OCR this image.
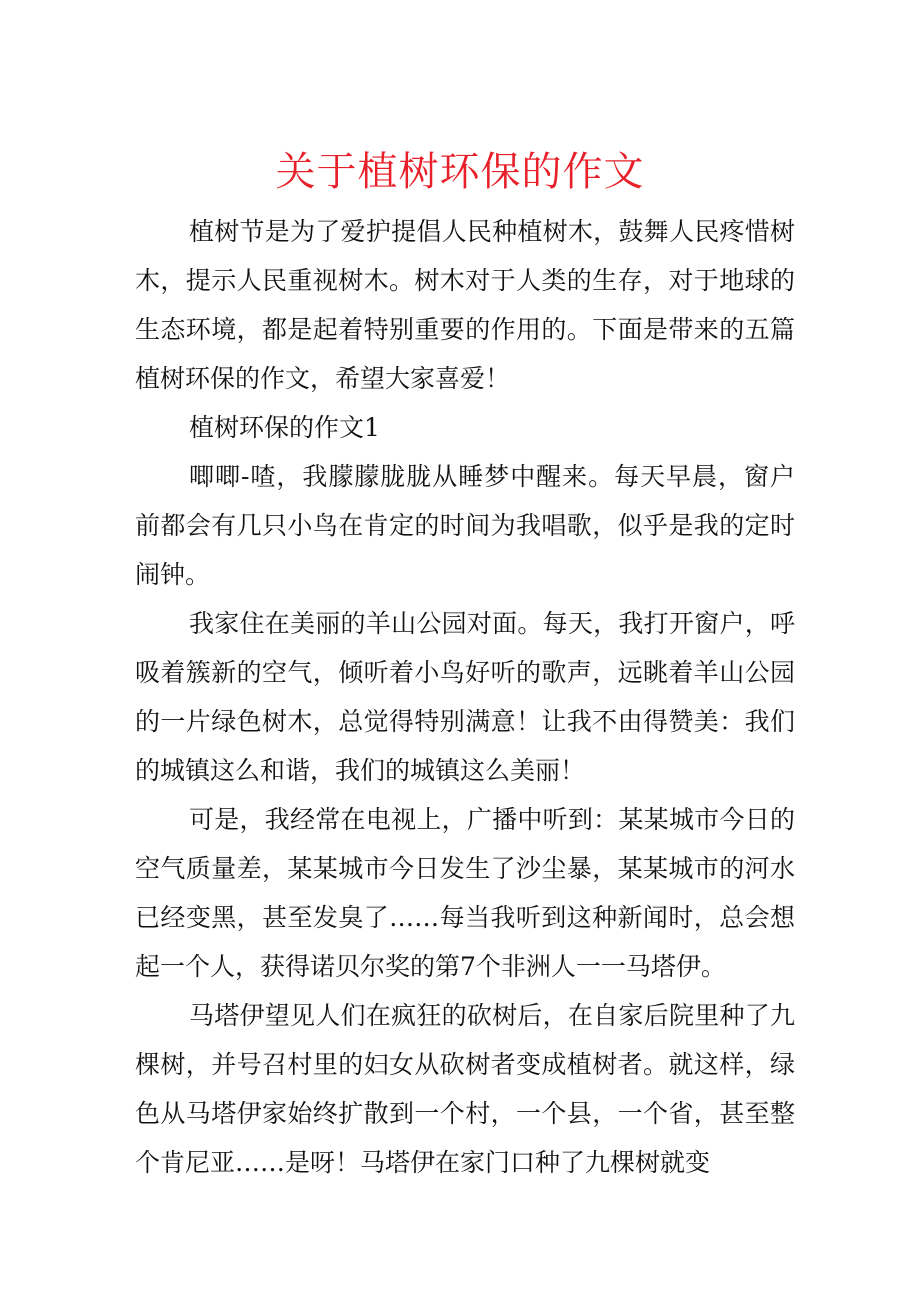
关于植树环保的作文

植树节是为了爱护提倡人民种植树木，鼓舞人民疼惜树木，提示人民重视树木。树木对于人类的生存，对于地球的生态环境，都是起着特别重要的作用的。下面是带来的五篇植树环保的作文，希望大家喜爱！

植树环保的作文1

唧唧-喳，我朦朦胧胧从睡梦中醒来。每天早晨，窗户前都会有几只小鸟在肯定的时间为我唱歌，似乎是我的定时闹钟。

我家住在美丽的羊山公园对面。每天，我打开窗户，呼吸着簇新的空气，倾听着小鸟好听的歌声，远眺着羊山公园的一片绿色树木，总觉得特别满意！让我不由得赞美：我们的城镇这么和谐，我们的城镇这么美丽！

可是，我经常在电视上，广播中听到：某某城市今日的空气质量差，某某城市今日发生了沙尘暴，某某城市的河水已经变黑，甚至发臭了……每当我听到这种新闻时，总会想起一个人，获得诺贝尔奖的第7个非洲人一一马塔伊。

马塔伊望见人们在疯狂的砍树后，在自家后院里种了九棵树，并号召村里的妇女从砍树者变成植树者。就这样，绿色从马塔伊家始终扩散到一个村，一个县，一个省，甚至整个肯尼亚……是呀！马塔伊在家门口种了九棵树就变
